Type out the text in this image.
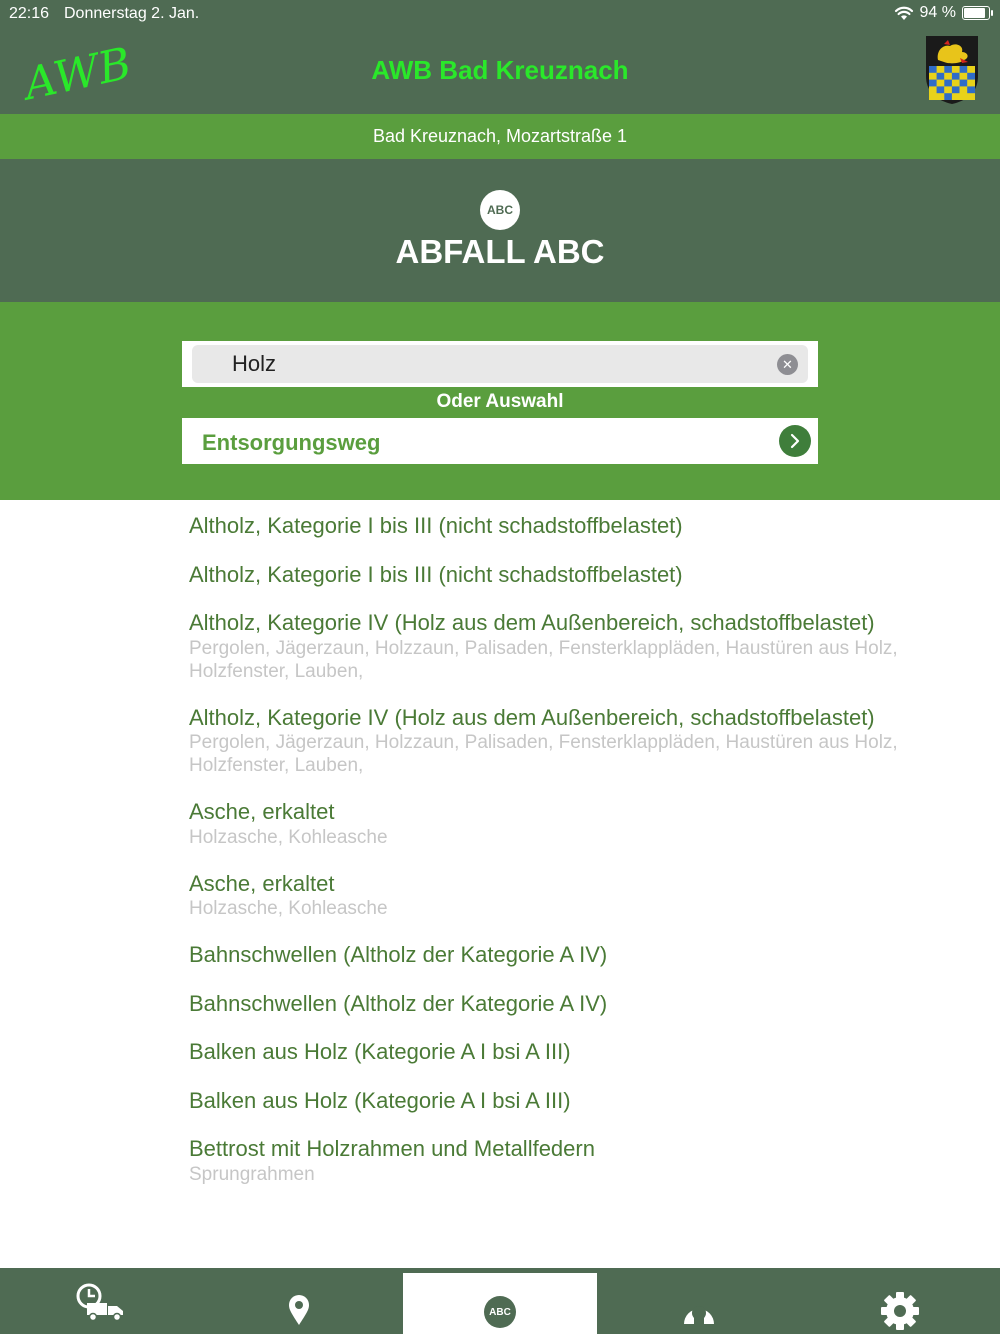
22:16 Donnerstag 2. Jan.	94 %
AWB	AWB Bad Kreuznach
Bad Kreuznach, Mozartstraße 1
ABC
ABFALL ABC
Holz
✕
Oder Auswahl
Entsorgungsweg
Altholz, Kategorie I bis III (nicht schadstoffbelastet)
Altholz, Kategorie I bis III (nicht schadstoffbelastet)
Altholz, Kategorie IV (Holz aus dem Außenbereich, schadstoffbelastet)
Pergolen, Jägerzaun, Holzzaun, Palisaden, Fensterklappläden, Haustüren aus Holz, Holzfenster, Lauben,
Altholz, Kategorie IV (Holz aus dem Außenbereich, schadstoffbelastet)
Pergolen, Jägerzaun, Holzzaun, Palisaden, Fensterklappläden, Haustüren aus Holz, Holzfenster, Lauben,
Asche, erkaltet
Holzasche, Kohleasche
Asche, erkaltet
Holzasche, Kohleasche
Bahnschwellen (Altholz der Kategorie A IV)
Bahnschwellen (Altholz der Kategorie A IV)
Balken aus Holz (Kategorie A I bsi A III)
Balken aus Holz (Kategorie A I bsi A III)
Bettrost mit Holzrahmen und Metallfedern
Sprungrahmen
ABC
